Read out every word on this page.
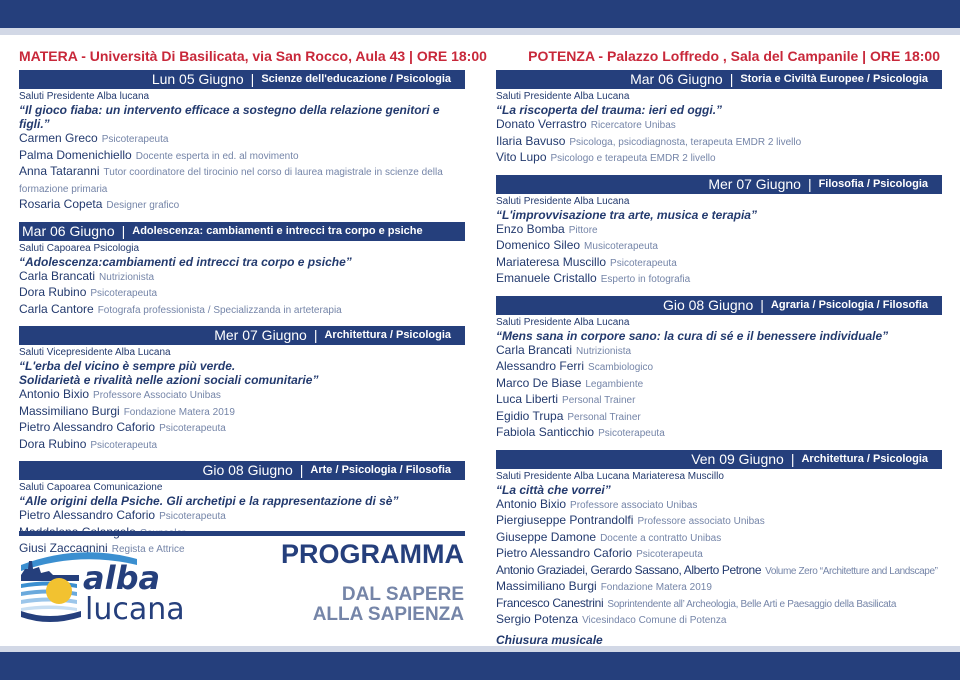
MATERA - Università Di Basilicata, via San Rocco, Aula 43 | ORE 18:00	POTENZA - Palazzo Loffredo , Sala del Campanile | ORE 18:00
Lun 05 Giugno | Scienze dell'educazione / Psicologia
Saluti Presidente Alba lucana
“Il gioco fiaba: un intervento efficace a sostegno della relazione genitori e figli.”
Carmen Greco Psicoterapeuta
Palma Domenichiello Docente esperta in ed. al movimento
Anna Tataranni Tutor coordinatore del tirocinio nel corso di laurea magistrale in scienze della formazione primaria
Rosaria Copeta Designer grafico
Mar 06 Giugno | Adolescenza: cambiamenti e intrecci tra corpo e psiche
Saluti Capoarea Psicologia
“Adolescenza:cambiamenti ed intrecci tra corpo e psiche”
Carla Brancati Nutrizionista
Dora Rubino Psicoterapeuta
Carla Cantore Fotografa professionista / Specializzanda in arteterapia
Mer 07 Giugno | Architettura / Psicologia
Saluti Vicepresidente Alba Lucana
“L'erba del vicino è sempre più verde.
Solidarietà e rivalità nelle azioni sociali comunitarie”
Antonio Bixio Professore Associato Unibas
Massimiliano Burgi Fondazione Matera 2019
Pietro Alessandro Caforio Psicoterapeuta
Dora Rubino Psicoterapeuta
Gio 08 Giugno | Arte / Psicologia / Filosofia
Saluti Capoarea Comunicazione
“Alle origini della Psiche. Gli archetipi e la rappresentazione di sè”
Pietro Alessandro Caforio Psicoterapeuta
Giusi Zaccagnini Regista e Attrice
Mar 06 Giugno | Storia e Civiltà Europee / Psicologia
Saluti Presidente Alba Lucana
“La riscoperta del trauma: ieri ed oggi.”
Donato Verrastro Ricercatore Unibas
Ilaria Bavuso Psicologa, psicodiagnosta, terapeuta EMDR 2 livello
Vito Lupo Psicologo e terapeuta EMDR 2 livello
Mer 07 Giugno | Filosofia / Psicologia
Saluti Presidente Alba Lucana
“L'improvvisazione tra arte, musica e terapia”
Enzo Bomba Pittore
Domenico Sileo Musicoterapeuta
Mariateresa Muscillo Psicoterapeuta
Emanuele Cristallo Esperto in fotografia
Gio 08 Giugno | Agraria / Psicologia / Filosofia
Saluti Presidente Alba Lucana
“Mens sana in corpore sano: la cura di sé e il benessere individuale”
Carla Brancati Nutrizionista
Alessandro Ferri Scambiologico
Marco De Biase Legambiente
Luca Liberti Personal Trainer
Egidio Trupa Personal Trainer
Fabiola Santicchio Psicoterapeuta
Ven 09 Giugno | Architettura / Psicologia
Saluti Presidente Alba Lucana Mariateresa Muscillo
“La città che vorrei”
Antonio Bixio Professore associato Unibas
Piergiuseppe Pontrandolfi Professore associato Unibas
Giuseppe Damone Docente a contratto Unibas
Pietro Alessandro Caforio Psicoterapeuta
Antonio Graziadei, Gerardo Sassano, Alberto Petrone Volume Zero “Architetture and Landscape”
Massimiliano Burgi Fondazione Matera 2019
Francesco Canestrini Soprintendente all’ Archeologia, Belle Arti e Paesaggio della Basilicata
Sergio Potenza Vicesindaco Comune di Potenza
Chiusura musicale
alba
lucana
PROGRAMMA
DAL SAPERE
ALLA SAPIENZA
